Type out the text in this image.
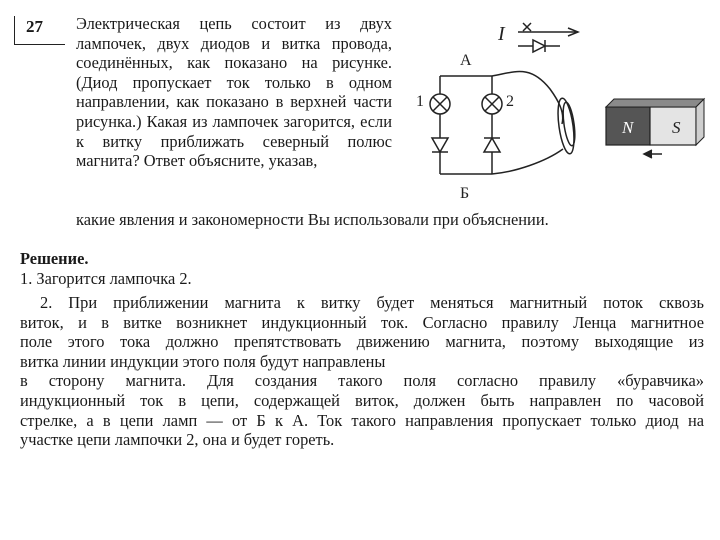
27 Электрическая цепь состоит из двух лампочек, двух диодов и витка провода, соединённых, как показано на рисунке. (Диод пропускает ток только в одном направлении, как показано в верхней части рисунка.) Какая из лампочек загорится, если к витку приближать северный полюс магнита? Ответ объясните, указав,
какие явления и закономерности Вы использовали при объяснении.
I
А
Б
1	2
N S
Решение.
1. Загорится лампочка 2.

2. При приближении магнита к витку будет меняться магнитный поток сквозь

виток, и в витке возникнет индукционный ток. Согласно правилу Ленца магнитное

поле этого тока должно препятствовать движению магнита, поэтому выходящие из

витка линии индукции этого поля будут направлены

в сторону магнита. Для создания такого поля согласно правилу «буравчика»

индукционный ток в цепи, содержащей виток, должен быть направлен по часовой

стрелке, а в цепи ламп — от Б к А. Ток такого направления пропускает только диод на

участке цепи лампочки 2, она и будет гореть.
